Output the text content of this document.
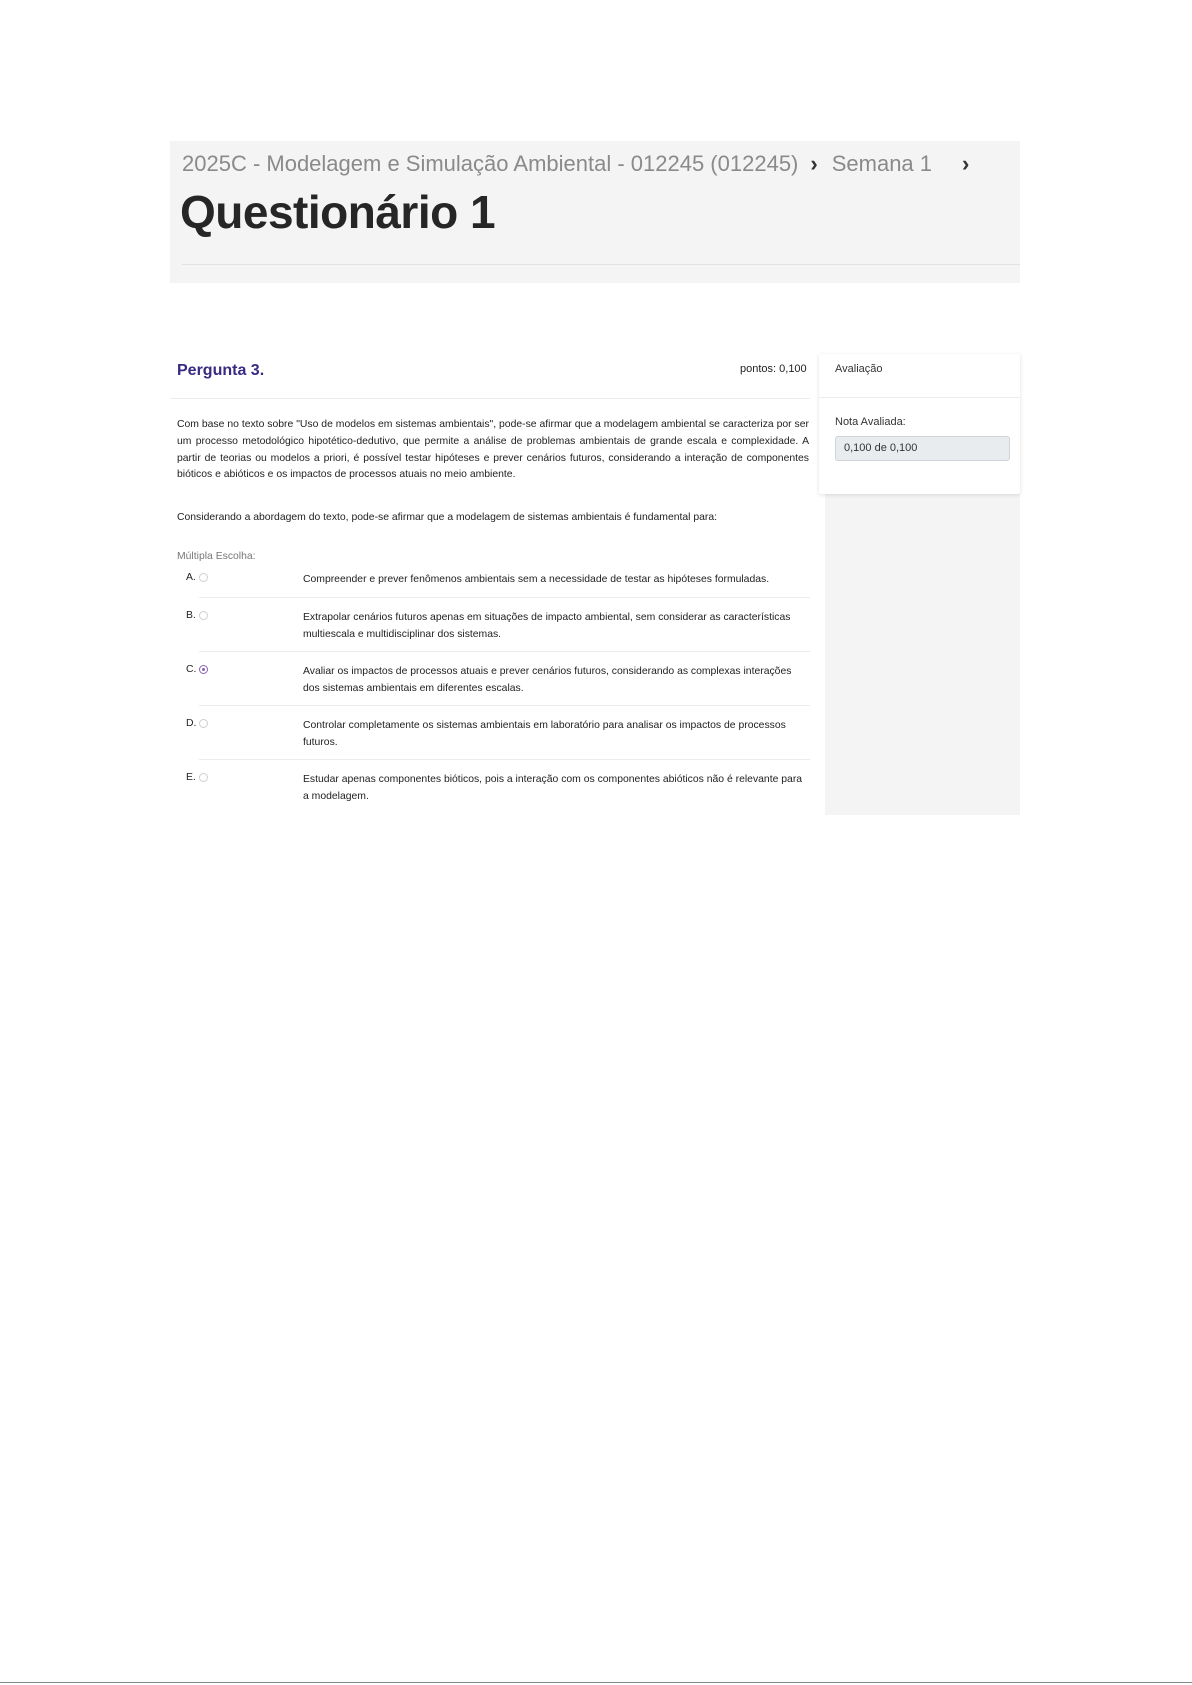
2025C - Modelagem e Simulação Ambiental - 012245 (012245) › Semana 1 ›
Questionário 1
Avaliação
Nota Avaliada:
0,100 de 0,100
Pergunta 3.	pontos: 0,100
Com base no texto sobre "Uso de modelos em sistemas ambientais", pode-se afirmar que a modelagem ambiental se caracteriza por ser um processo metodológico hipotético-dedutivo, que permite a análise de problemas ambientais de grande escala e complexidade. A partir de teorias ou modelos a priori, é possível testar hipóteses e prever cenários futuros, considerando a interação de componentes bióticos e abióticos e os impactos de processos atuais no meio ambiente.
Considerando a abordagem do texto, pode-se afirmar que a modelagem de sistemas ambientais é fundamental para:
Múltipla Escolha:
A.	Compreender e prever fenômenos ambientais sem a necessidade de testar as hipóteses formuladas.
B.	Extrapolar cenários futuros apenas em situações de impacto ambiental, sem considerar as características multiescala e multidisciplinar dos sistemas.
C.	Avaliar os impactos de processos atuais e prever cenários futuros, considerando as complexas interações dos sistemas ambientais em diferentes escalas.
D.	Controlar completamente os sistemas ambientais em laboratório para analisar os impactos de processos futuros.
E.	Estudar apenas componentes bióticos, pois a interação com os componentes abióticos não é relevante para a modelagem.
